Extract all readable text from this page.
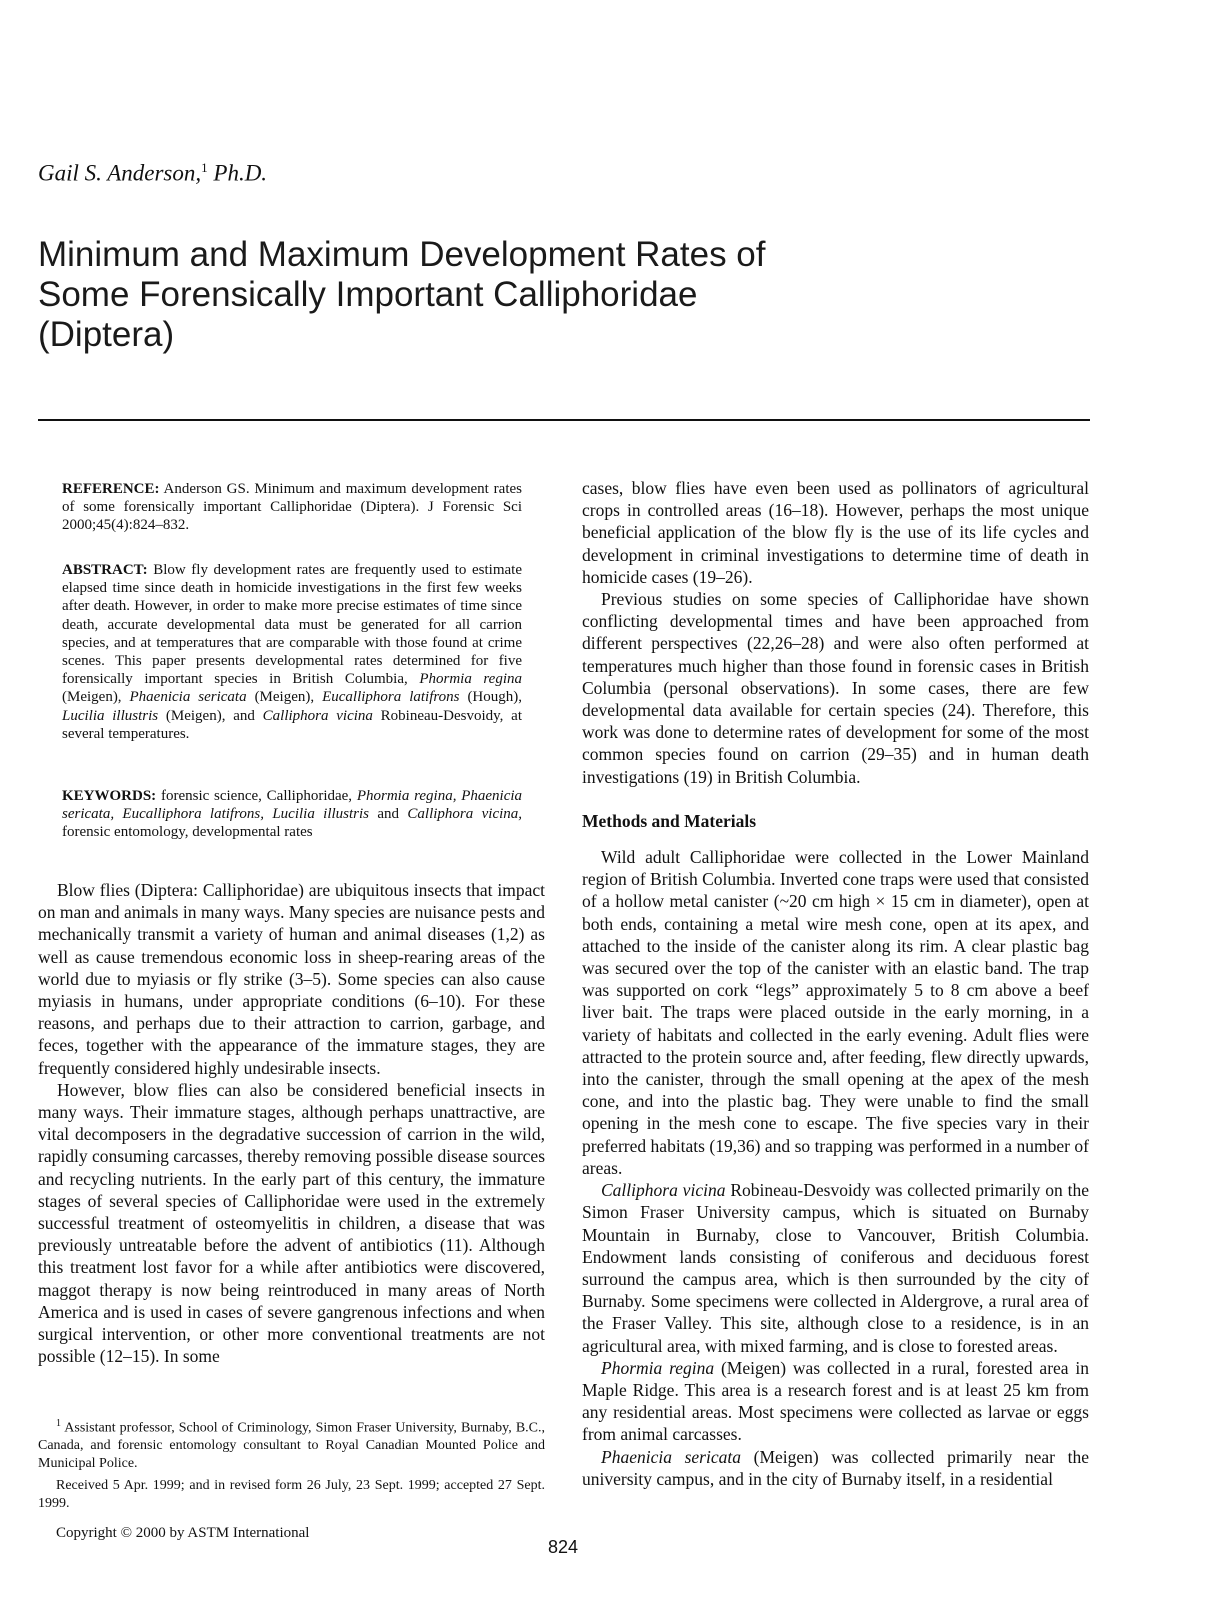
Gail S. Anderson,$^1$ Ph.D.
Minimum and Maximum Development Rates of
Some Forensically Important Calliphoridae
(Diptera)

REFERENCE: Anderson GS. Minimum and maximum development rates of some forensically important Calliphoridae (Diptera). J Forensic Sci 2000;45(4):824–832.

ABSTRACT: Blow fly development rates are frequently used to estimate elapsed time since death in homicide investigations in the first few weeks after death. However, in order to make more precise estimates of time since death, accurate developmental data must be generated for all carrion species, and at temperatures that are comparable with those found at crime scenes. This paper presents developmental rates determined for five forensically important species in British Columbia, Phormia regina (Meigen), Phaenicia sericata (Meigen), Eucalliphora latifrons (Hough), Lucilia illustris (Meigen), and Calliphora vicina Robineau-Desvoidy, at several temperatures.

KEYWORDS: forensic science, Calliphoridae, Phormia regina, Phaenicia sericata, Eucalliphora latifrons, Lucilia illustris and Calliphora vicina, forensic entomology, developmental rates

Blow flies (Diptera: Calliphoridae) are ubiquitous insects that impact on man and animals in many ways. Many species are nuisance pests and mechanically transmit a variety of human and animal diseases (1,2) as well as cause tremendous economic loss in sheep-rearing areas of the world due to myiasis or fly strike (3–5). Some species can also cause myiasis in humans, under appropriate conditions (6–10). For these reasons, and perhaps due to their attraction to carrion, garbage, and feces, together with the appearance of the immature stages, they are frequently considered highly undesirable insects.

However, blow flies can also be considered beneficial insects in many ways. Their immature stages, although perhaps unattractive, are vital decomposers in the degradative succession of carrion in the wild, rapidly consuming carcasses, thereby removing possible disease sources and recycling nutrients. In the early part of this century, the immature stages of several species of Calliphoridae were used in the extremely successful treatment of osteomyelitis in children, a disease that was previously untreatable before the advent of antibiotics (11). Although this treatment lost favor for a while after antibiotics were discovered, maggot therapy is now being reintroduced in many areas of North America and is used in cases of severe gangrenous infections and when surgical intervention, or other more conventional treatments are not possible (12–15). In some

cases, blow flies have even been used as pollinators of agricultural crops in controlled areas (16–18). However, perhaps the most unique beneficial application of the blow fly is the use of its life cycles and development in criminal investigations to determine time of death in homicide cases (19–26).

Previous studies on some species of Calliphoridae have shown conflicting developmental times and have been approached from different perspectives (22,26–28) and were also often performed at temperatures much higher than those found in forensic cases in British Columbia (personal observations). In some cases, there are few developmental data available for certain species (24). Therefore, this work was done to determine rates of development for some of the most common species found on carrion (29–35) and in human death investigations (19) in British Columbia.

Methods and Materials

Wild adult Calliphoridae were collected in the Lower Mainland region of British Columbia. Inverted cone traps were used that consisted of a hollow metal canister (~20 cm high × 15 cm in diameter), open at both ends, containing a metal wire mesh cone, open at its apex, and attached to the inside of the canister along its rim. A clear plastic bag was secured over the top of the canister with an elastic band. The trap was supported on cork “legs” approximately 5 to 8 cm above a beef liver bait. The traps were placed outside in the early morning, in a variety of habitats and collected in the early evening. Adult flies were attracted to the protein source and, after feeding, flew directly upwards, into the canister, through the small opening at the apex of the mesh cone, and into the plastic bag. They were unable to find the small opening in the mesh cone to escape. The five species vary in their preferred habitats (19,36) and so trapping was performed in a number of areas.

Calliphora vicina Robineau-Desvoidy was collected primarily on the Simon Fraser University campus, which is situated on Burnaby Mountain in Burnaby, close to Vancouver, British Columbia. Endowment lands consisting of coniferous and deciduous forest surround the campus area, which is then surrounded by the city of Burnaby. Some specimens were collected in Aldergrove, a rural area of the Fraser Valley. This site, although close to a residence, is in an agricultural area, with mixed farming, and is close to forested areas.

Phormia regina (Meigen) was collected in a rural, forested area in Maple Ridge. This area is a research forest and is at least 25 km from any residential areas. Most specimens were collected as larvae or eggs from animal carcasses.

Phaenicia sericata (Meigen) was collected primarily near the university campus, and in the city of Burnaby itself, in a residential

$^1$ Assistant professor, School of Criminology, Simon Fraser University, Burnaby, B.C., Canada, and forensic entomology consultant to Royal Canadian Mounted Police and Municipal Police.

Received 5 Apr. 1999; and in revised form 26 July, 23 Sept. 1999; accepted 27 Sept. 1999.

Copyright © 2000 by ASTM International
824
